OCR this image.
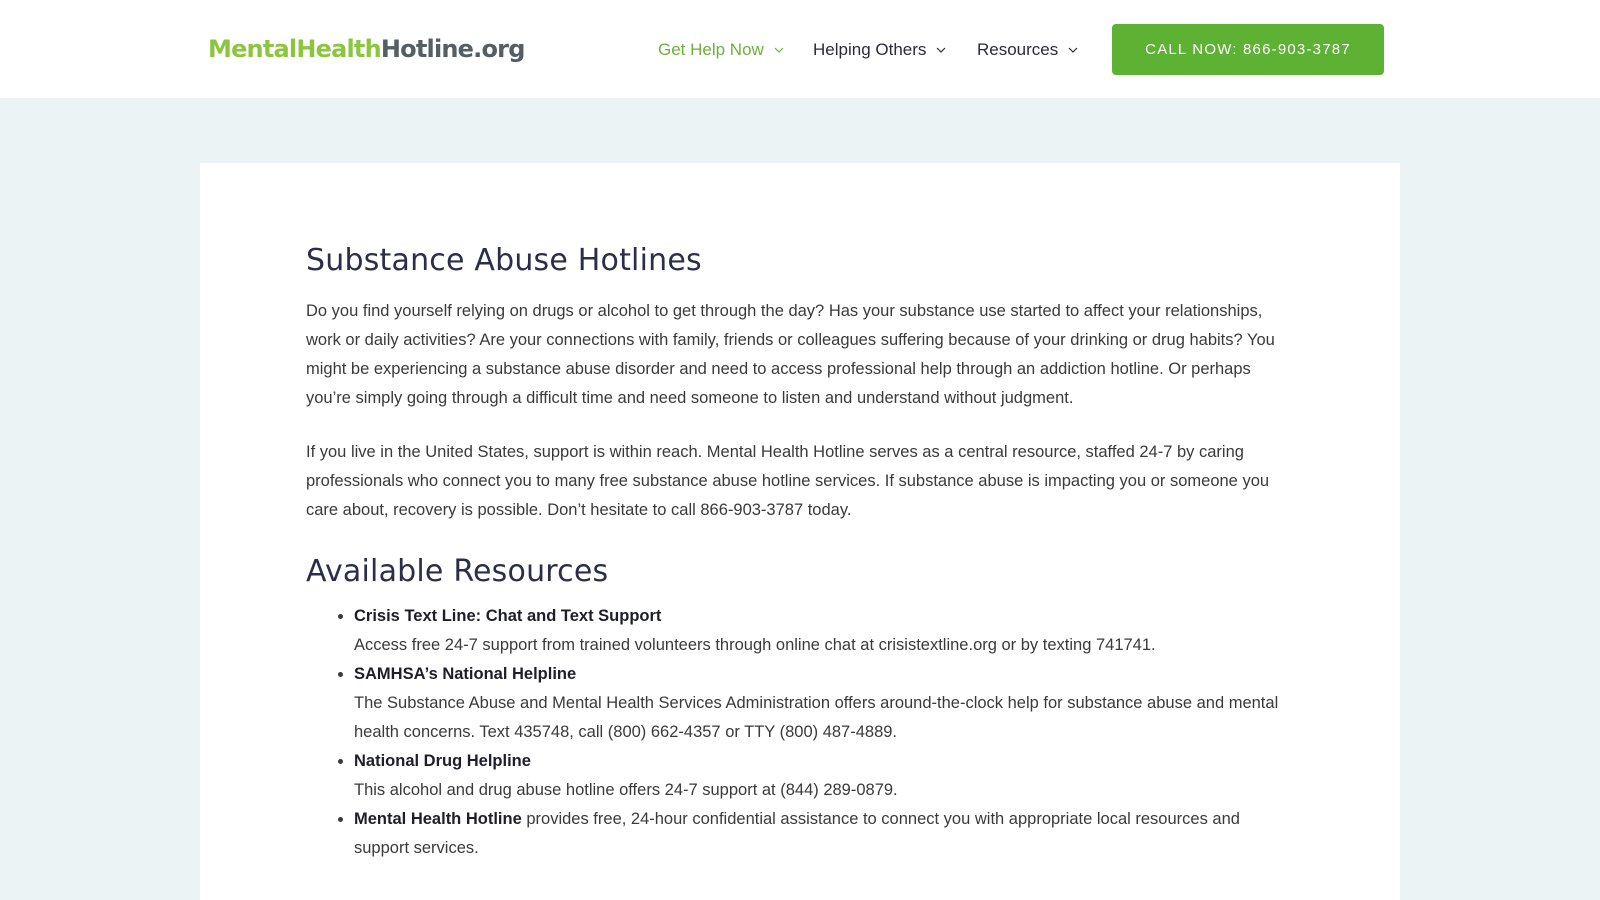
MentalHealthHotline.org	Get Help Now	Helping Others	Resources	CALL NOW: 866-903-3787
Substance Abuse Hotlines

Do you find yourself relying on drugs or alcohol to get through the day? Has your substance use started to affect your relationships, work or daily activities? Are your connections with family, friends or colleagues suffering because of your drinking or drug habits? You might be experiencing a substance abuse disorder and need to access professional help through an addiction hotline. Or perhaps you’re simply going through a difficult time and need someone to listen and understand without judgment.

If you live in the United States, support is within reach. Mental Health Hotline serves as a central resource, staffed 24-7 by caring professionals who connect you to many free substance abuse hotline services. If substance abuse is impacting you or someone you care about, recovery is possible. Don’t hesitate to call 866-903-3787 today.

Available Resources
• Crisis Text Line: Chat and Text Support
Access free 24-7 support from trained volunteers through online chat at crisistextline.org or by texting 741741.
• SAMHSA’s National Helpline
The Substance Abuse and Mental Health Services Administration offers around-the-clock help for substance abuse and mental health concerns. Text 435748, call (800) 662-4357 or TTY (800) 487-4889.
• National Drug Helpline
This alcohol and drug abuse hotline offers 24-7 support at (844) 289-0879.
• Mental Health Hotline provides free, 24-hour confidential assistance to connect you with appropriate local resources and support services.
